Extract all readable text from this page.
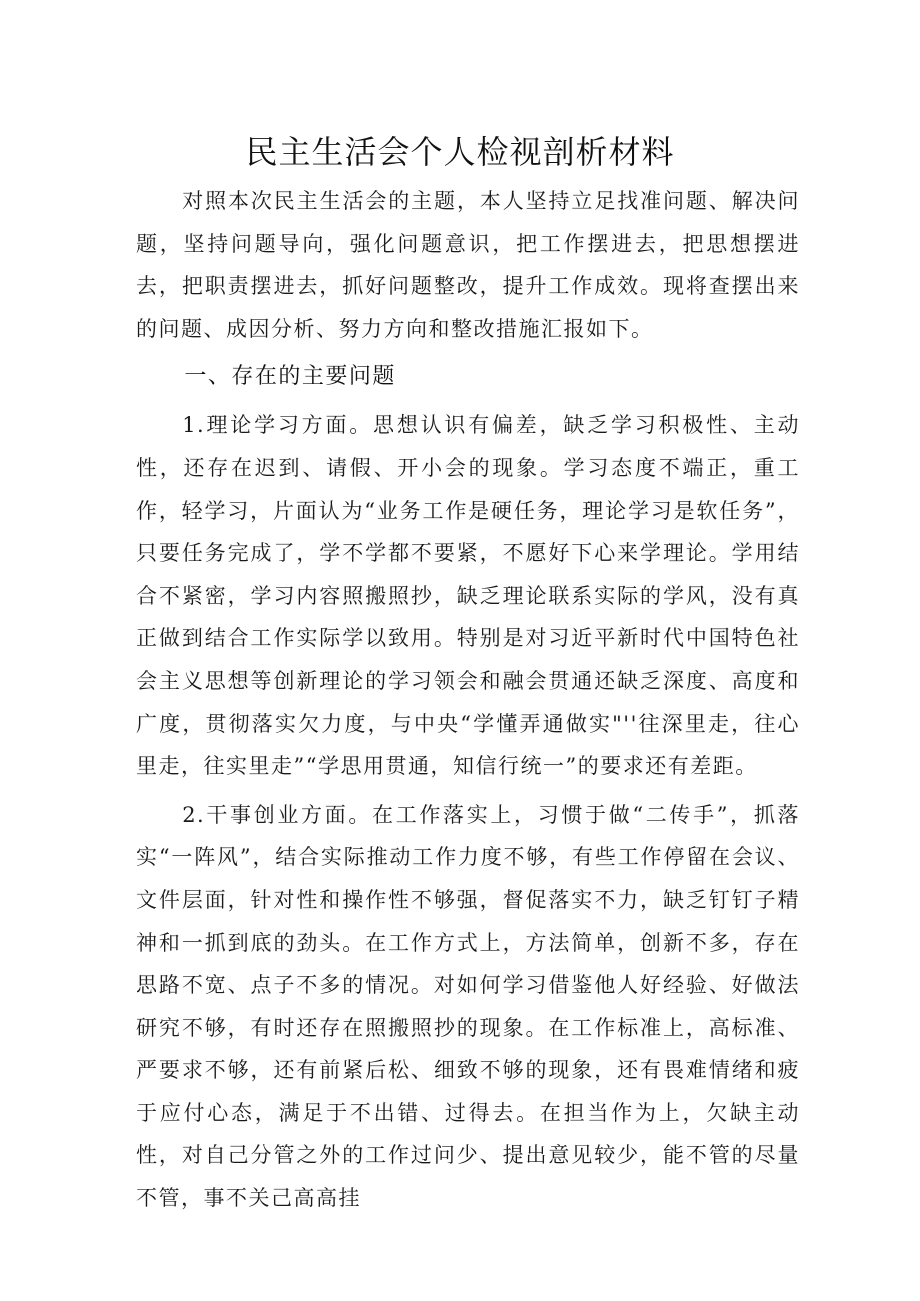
民主生活会个人检视剖析材料

对照本次民主生活会的主题，本人坚持立足找准问题、解决问题，坚持问题导向，强化问题意识，把工作摆进去，把思想摆进去，把职责摆进去，抓好问题整改，提升工作成效。现将查摆出来的问题、成因分析、努力方向和整改措施汇报如下。

一、存在的主要问题

1.理论学习方面。思想认识有偏差，缺乏学习积极性、主动性，还存在迟到、请假、开小会的现象。学习态度不端正，重工作，轻学习，片面认为“业务工作是硬任务，理论学习是软任务”，只要任务完成了，学不学都不要紧，不愿好下心来学理论。学用结合不紧密，学习内容照搬照抄，缺乏理论联系实际的学风，没有真正做到结合工作实际学以致用。特别是对习近平新时代中国特色社会主义思想等创新理论的学习领会和融会贯通还缺乏深度、高度和广度，贯彻落实欠力度，与中央“学懂弄通做实"''往深里走，往心里走，往实里走”“学思用贯通，知信行统一”的要求还有差距。

2.干事创业方面。在工作落实上，习惯于做“二传手”，抓落实“一阵风”，结合实际推动工作力度不够，有些工作停留在会议、文件层面，针对性和操作性不够强，督促落实不力，缺乏钉钉子精神和一抓到底的劲头。在工作方式上，方法简单，创新不多，存在思路不宽、点子不多的情况。对如何学习借鉴他人好经验、好做法研究不够，有时还存在照搬照抄的现象。在工作标准上，高标准、严要求不够，还有前紧后松、细致不够的现象，还有畏难情绪和疲于应付心态，满足于不出错、过得去。在担当作为上，欠缺主动性，对自己分管之外的工作过问少、提出意见较少，能不管的尽量不管，事不关己高高挂
